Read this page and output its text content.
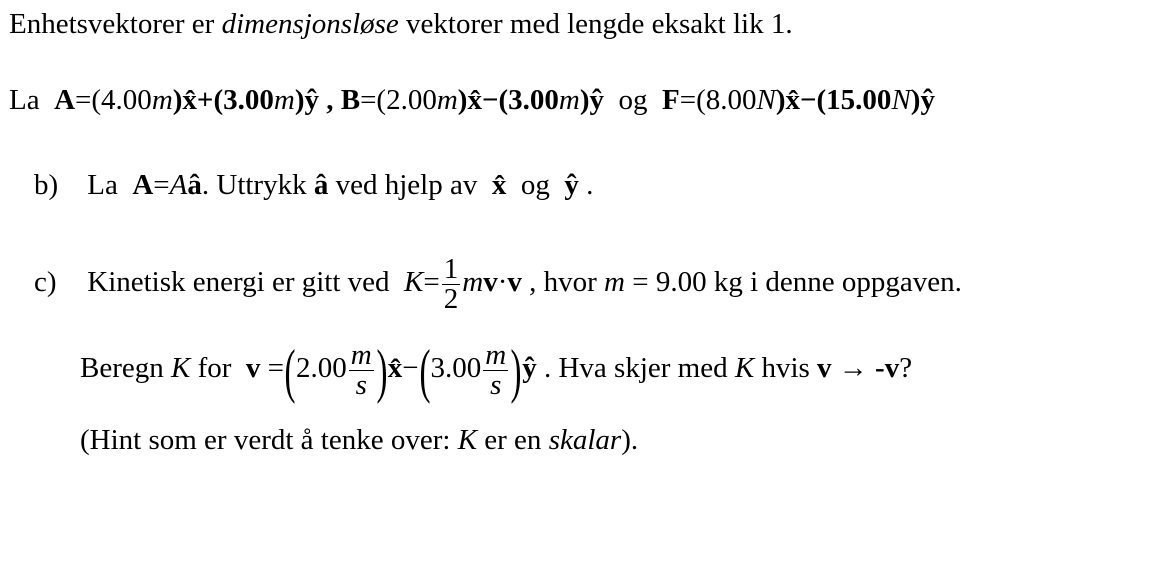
Enhetsvektorer er dimensjonsløse vektorer med lengde eksakt lik 1.
La A=(4.00m)x̂+(3.00m)ŷ , B=(2.00m)x̂−(3.00m)ŷ og F=(8.00N)x̂−(15.00N)ŷ
b) La A=Aâ. Uttrykk â ved hjelp av x̂ og ŷ .
c) Kinetisk energi er gitt ved $K= \frac{1}{2} mv\cdot v$ , hvor m = 9.00 kg i denne oppgaven.
Beregn K for $v =(2.00 \frac{m}{s}$ )x̂−(3.00 $\frac{m}{s}$ )ŷ . Hva skjer med K hvis v → -v?
(Hint som er verdt å tenke over: K er en skalar).
